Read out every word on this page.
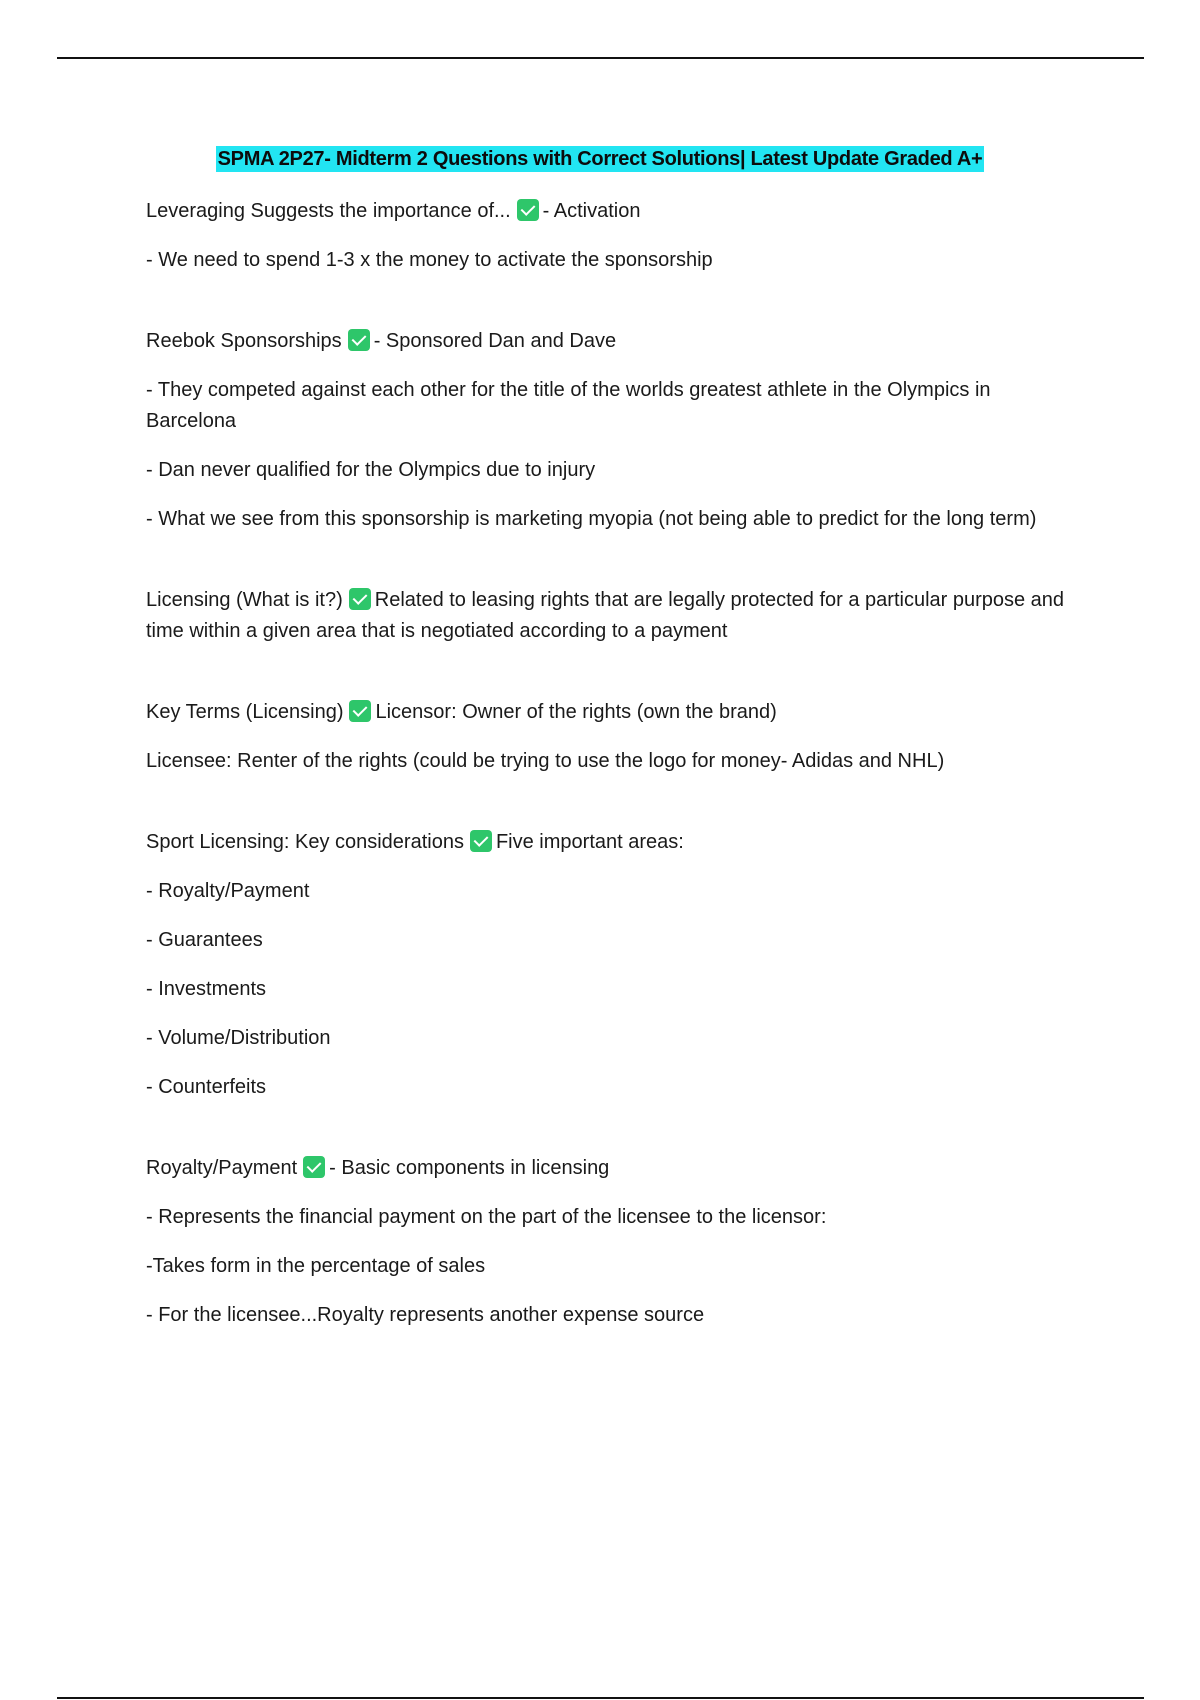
SPMA 2P27- Midterm 2 Questions with Correct Solutions| Latest Update Graded A+

Leveraging Suggests the importance of... - Activation

- We need to spend 1-3 x the money to activate the sponsorship

Reebok Sponsorships - Sponsored Dan and Dave

- They competed against each other for the title of the worlds greatest athlete in the Olympics in Barcelona

- Dan never qualified for the Olympics due to injury

- What we see from this sponsorship is marketing myopia (not being able to predict for the long term)

Licensing (What is it?) Related to leasing rights that are legally protected for a particular purpose and time within a given area that is negotiated according to a payment

Key Terms (Licensing) Licensor: Owner of the rights (own the brand)

Licensee: Renter of the rights (could be trying to use the logo for money- Adidas and NHL)

Sport Licensing: Key considerations Five important areas:

- Royalty/Payment

- Guarantees

- Investments

- Volume/Distribution

- Counterfeits

Royalty/Payment - Basic components in licensing

- Represents the financial payment on the part of the licensee to the licensor:

-Takes form in the percentage of sales

- For the licensee...Royalty represents another expense source
